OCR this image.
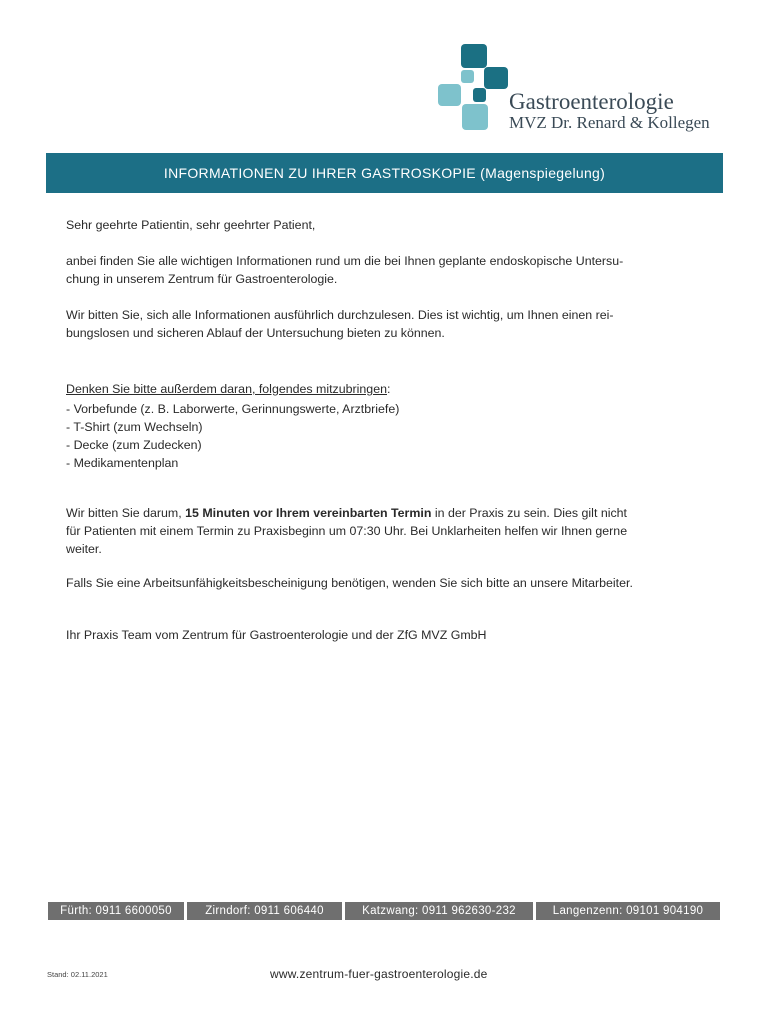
Gastroenterologie
MVZ Dr. Renard & Kollegen
INFORMATIONEN ZU IHRER GASTROSKOPIE
(Magenspiegelung)

Sehr geehrte Patientin, sehr geehrter Patient,

anbei finden Sie alle wichtigen Informationen rund um die bei Ihnen geplante endoskopische Untersu-
chung in unserem Zentrum für Gastroenterologie.

Wir bitten Sie, sich alle Informationen ausführlich durchzulesen. Dies ist wichtig, um Ihnen einen rei-
bungslosen und sicheren Ablauf der Untersuchung bieten zu können.

Denken Sie bitte außerdem daran, folgendes mitzubringen:

- Vorbefunde (z. B. Laborwerte, Gerinnungswerte, Arztbriefe)
- T-Shirt (zum Wechseln)
- Decke (zum Zudecken)
- Medikamentenplan

Wir bitten Sie darum, 15 Minuten vor Ihrem vereinbarten Termin in der Praxis zu sein. Dies gilt nicht
für Patienten mit einem Termin zu Praxisbeginn um 07:30 Uhr. Bei Unklarheiten helfen wir Ihnen gerne
weiter.

Falls Sie eine Arbeitsunfähigkeitsbescheinigung benötigen, wenden Sie sich bitte an unsere Mitarbeiter.

Ihr Praxis Team vom Zentrum für Gastroenterologie und der ZfG MVZ GmbH

Fürth: 0911 6600050	Zirndorf: 0911 606440	Katzwang: 0911 962630-232	Langenzenn: 09101 904190
Stand: 02.11.2021	www.zentrum-fuer-gastroenterologie.de
